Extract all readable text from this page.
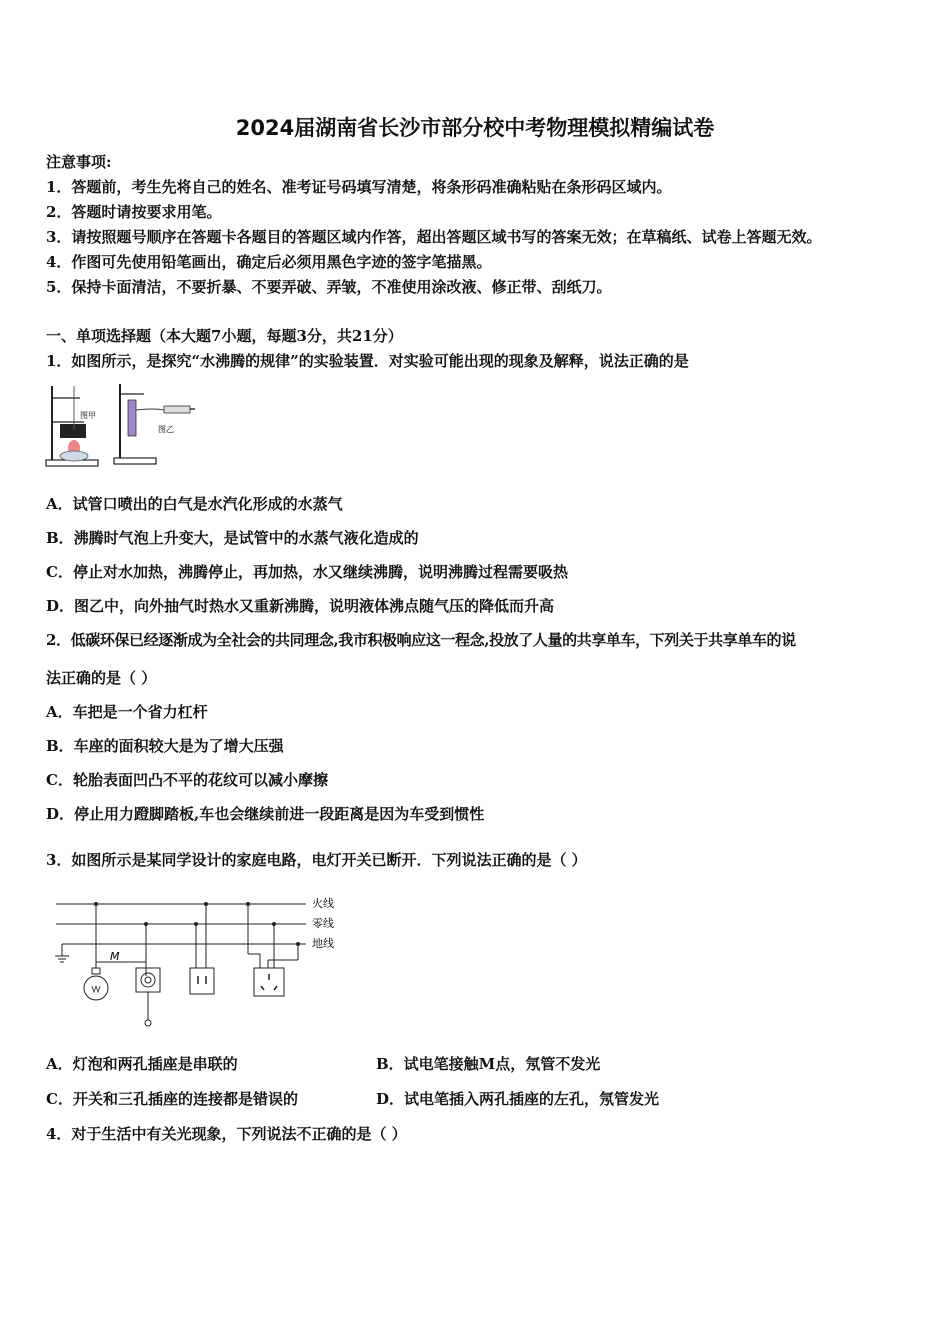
2024届湖南省长沙市部分校中考物理模拟精编试卷
注意事项:
1．答题前，考生先将自己的姓名、准考证号码填写清楚，将条形码准确粘贴在条形码区域内。
2．答题时请按要求用笔。
3．请按照题号顺序在答题卡各题目的答题区域内作答，超出答题区域书写的答案无效；在草稿纸、试卷上答题无效。
4．作图可先使用铅笔画出，确定后必须用黑色字迹的签字笔描黑。
5．保持卡面清洁，不要折暴、不要弄破、弄皱，不准使用涂改液、修正带、刮纸刀。
一、单项选择题（本大题7小题，每题3分，共21分）
1．如图所示，是探究“水沸腾的规律”的实验装置．对实验可能出现的现象及解释，说法正确的是
图甲
图乙
A．试管口喷出的白气是水汽化形成的水蒸气
B．沸腾时气泡上升变大，是试管中的水蒸气液化造成的
C．停止对水加热，沸腾停止，再加热，水又继续沸腾，说明沸腾过程需要吸热
D．图乙中，向外抽气时热水又重新沸腾，说明液体沸点随气压的降低而升高
2．低碳环保已经逐渐成为全社会的共同理念,我市积极响应这一程念,投放了人量的共享单车，下列关于共享单车的说
法正确的是（ ）
A．车把是一个省力杠杆
B．车座的面积较大是为了增大压强
C．轮胎表面凹凸不平的花纹可以减小摩擦
D．停止用力蹬脚踏板,车也会继续前进一段距离是因为车受到惯性
3．如图所示是某同学设计的家庭电路，电灯开关已断开．下列说法正确的是（ ）
火线
零线
地线
M
A．灯泡和两孔插座是串联的	B．试电笔接触M点，氖管不发光
C．开关和三孔插座的连接都是错误的	D．试电笔插入两孔插座的左孔，氖管发光
4．对于生活中有关光现象，下列说法不正确的是（ ）
